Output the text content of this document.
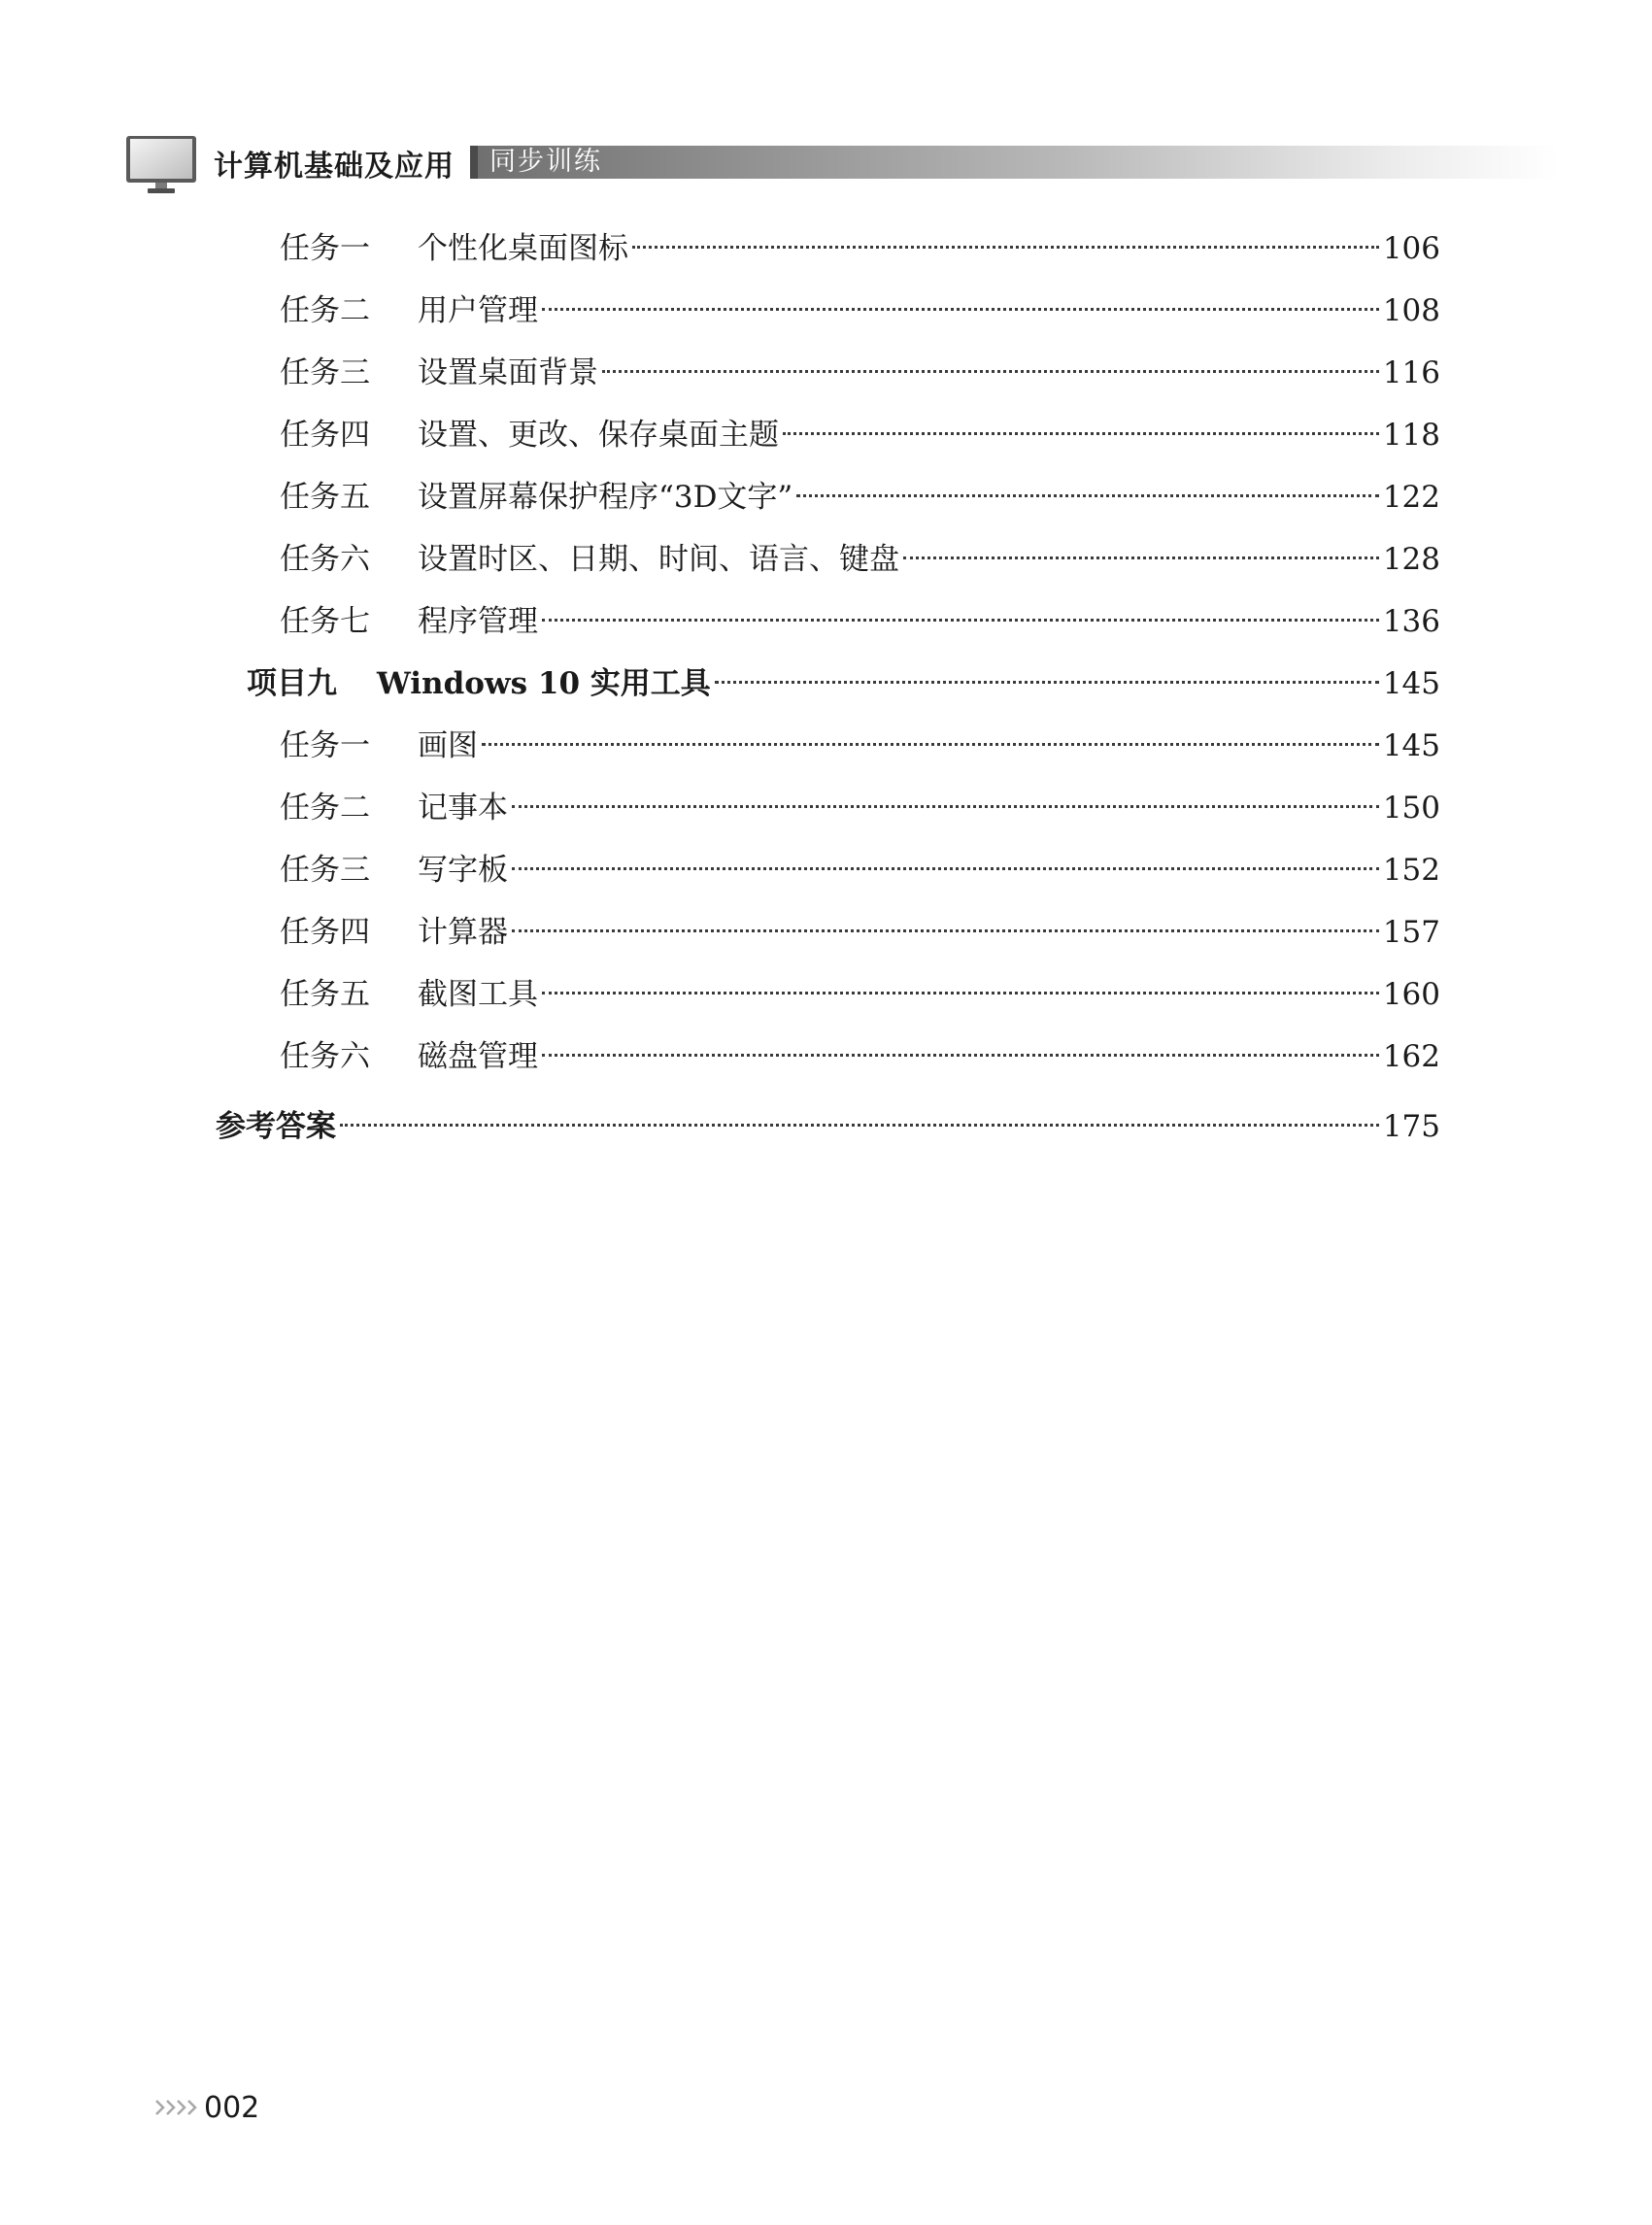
计算机基础及应用 同步训练
任务一 个性化桌面图标	106
任务二 用户管理	108
任务三 设置桌面背景	116
任务四 设置、更改、保存桌面主题	118
任务五 设置屏幕保护程序“3D文字”	122
任务六 设置时区、日期、时间、语言、键盘	128
任务七 程序管理	136
项目九 Windows 10 实用工具	145
任务一 画图	145
任务二 记事本	150
任务三 写字板	152
任务四 计算器	157
任务五 截图工具	160
任务六 磁盘管理	162
参考答案	175
002
